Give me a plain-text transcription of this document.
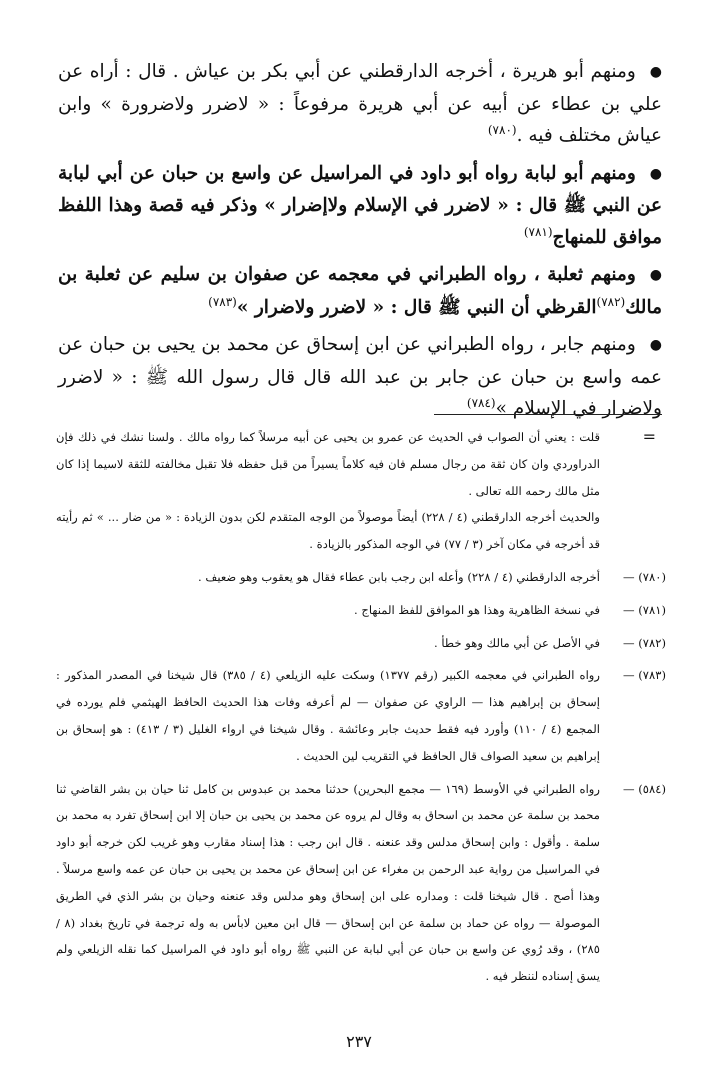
●ومنهم أبو هريرة ، أخرجه الدارقطني عن أبي بكر بن عياش . قال : أراه عن علي بن عطاء عن أبيه عن أبي هريرة مرفوعاً : « لاضرر ولاضرورة » وابن عياش مختلف فيه .$^{(٧٨٠)}$

●ومنهم أبو لبابة رواه أبو داود في المراسيل عن واسع بن حبان عن أبي لبابة عن النبي ﷺ قال : « لاضرر في الإسلام ولاإضرار » وذكر فيه قصة وهذا اللفظ موافق للمنهاج$^{(٧٨١)}$

●ومنهم ثعلبة ، رواه الطبراني في معجمه عن صفوان بن سليم عن ثعلبة بن مالك$^{(٧٨٢)}$القرظي أن النبي ﷺ قال : « لاضرر ولاضرار »$^{(٧٨٣)}$

●ومنهم جابر ، رواه الطبراني عن ابن إسحاق عن محمد بن يحيى بن حبان عن عمه واسع بن حبان عن جابر بن عبد الله قال قال رسول الله ﷺ : « لاضرر ولاضرار في الإسلام »$^{(٧٨٤)}$

=

قلت : يعني أن الصواب في الحديث عن عمرو بن يحيى عن أبيه مرسلاً كما رواه مالك . ولسنا نشك في ذلك فإن الدراوردي وان كان ثقة من رجال مسلم فان فيه كلاماً يسيراً من قبل حفظه فلا تقبل مخالفته للثقة لاسيما إذا كان مثل مالك رحمه الله تعالى .

والحديث أخرجه الدارقطني (٤ / ٢٢٨) أيضاً موصولاً من الوجه المتقدم لكن بدون الزيادة : « من ضار ... » ثم رأيته قد أخرجه في مكان آخر (٣ / ٧٧) في الوجه المذكور بالزيادة .

(٧٨٠) —

أخرجه الدارقطني (٤ / ٢٢٨) وأعله ابن رجب بابن عطاء فقال هو يعقوب وهو ضعيف .

(٧٨١) —

في نسخة الظاهرية وهذا هو الموافق للفظ المنهاج .

(٧٨٢) —

في الأصل عن أبي مالك وهو خطأ .

(٧٨٣) —

رواه الطبراني في معجمه الكبير (رقم ١٣٧٧) وسكت عليه الزيلعي (٤ / ٣٨٥) قال شيخنا في المصدر المذكور : إسحاق بن إبراهيم هذا — الراوي عن صفوان — لم أعرفه وفات هذا الحديث الحافظ الهيثمي فلم يورده في المجمع (٤ / ١١٠) وأورد فيه فقط حديث جابر وعائشة . وقال شيخنا في ارواء الغليل (٣ / ٤١٣) : هو إسحاق بن إبراهيم بن سعيد الصواف قال الحافظ في التقريب لين الحديث .

(٥٨٤) —

رواه الطبراني في الأوسط (١٦٩ — مجمع البحرين) حدثنا محمد بن عبدوس بن كامل ثنا حيان بن بشر القاضي ثنا محمد بن سلمة عن محمد بن اسحاق به وقال لم يروه عن محمد بن يحيى بن حبان إلا ابن إسحاق تفرد به محمد بن سلمة . وأقول : وابن إسحاق مدلس وقد عنعنه . قال ابن رجب : هذا إسناد مقارب وهو غريب لكن خرجه أبو داود في المراسيل من رواية عبد الرحمن بن مغراء عن ابن إسحاق عن محمد بن يحيى بن حبان عن عمه واسع مرسلاً . وهذا أصح . قال شيخنا قلت : ومداره على ابن إسحاق وهو مدلس وقد عنعنه وحيان بن بشر الذي في الطريق الموصولة — رواه عن حماد بن سلمة عن ابن إسحاق — قال ابن معين لابأس به وله ترجمة في تاريخ بغداد (٨ / ٢٨٥) ، وقد رُوي عن واسع بن حبان عن أبي لبابة عن النبي ﷺ رواه أبو داود في المراسيل كما نقله الزيلعي ولم يسق إسناده لننظر فيه .

٢٣٧
